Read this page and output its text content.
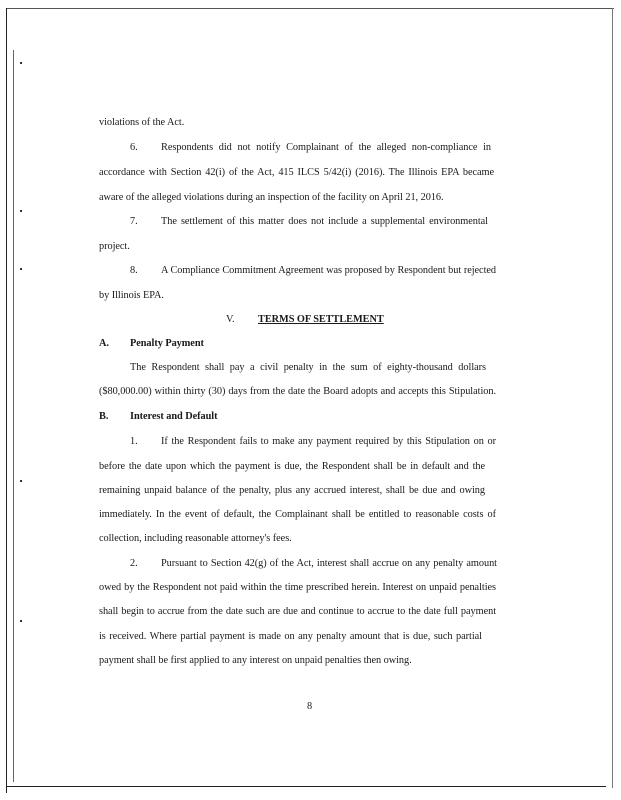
violations of the Act.
6. Respondents did not notify Complainant of the alleged non-compliance in
accordance with Section 42(i) of the Act, 415 ILCS 5/42(i) (2016). The Illinois EPA became
aware of the alleged violations during an inspection of the facility on April 21, 2016.
7. The settlement of this matter does not include a supplemental environmental
project.
8. A Compliance Commitment Agreement was proposed by Respondent but rejected
by Illinois EPA.
V. TERMS OF SETTLEMENT
A. Penalty Payment
The Respondent shall pay a civil penalty in the sum of eighty-thousand dollars
($80,000.00) within thirty (30) days from the date the Board adopts and accepts this Stipulation.
B. Interest and Default
1. If the Respondent fails to make any payment required by this Stipulation on or
before the date upon which the payment is due, the Respondent shall be in default and the
remaining unpaid balance of the penalty, plus any accrued interest, shall be due and owing
immediately. In the event of default, the Complainant shall be entitled to reasonable costs of
collection, including reasonable attorney's fees.
2. Pursuant to Section 42(g) of the Act, interest shall accrue on any penalty amount
owed by the Respondent not paid within the time prescribed herein. Interest on unpaid penalties
shall begin to accrue from the date such are due and continue to accrue to the date full payment
is received. Where partial payment is made on any penalty amount that is due, such partial
payment shall be first applied to any interest on unpaid penalties then owing.
8
